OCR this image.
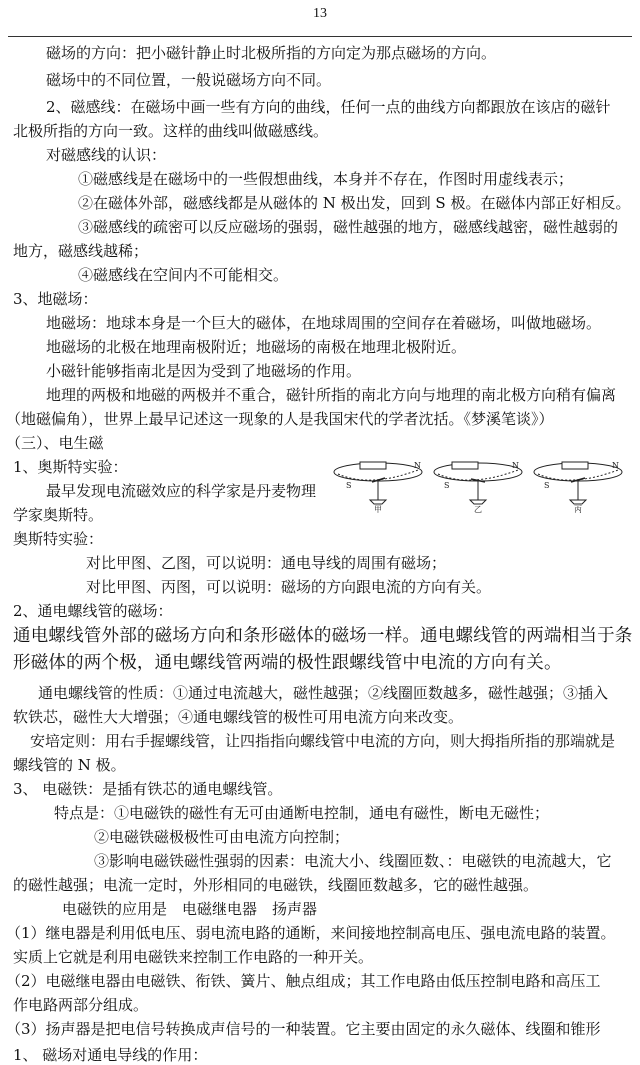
13
磁场的方向：把小磁针静止时北极所指的方向定为那点磁场的方向。
磁场中的不同位置，一般说磁场方向不同。
2、磁感线：在磁场中画一些有方向的曲线，任何一点的曲线方向都跟放在该店的磁针
北极所指的方向一致。这样的曲线叫做磁感线。
对磁感线的认识：
①磁感线是在磁场中的一些假想曲线，本身并不存在，作图时用虚线表示；
②在磁体外部，磁感线都是从磁体的 N 极出发，回到 S 极。在磁体内部正好相反。
③磁感线的疏密可以反应磁场的强弱，磁性越强的地方，磁感线越密，磁性越弱的
地方，磁感线越稀；
④磁感线在空间内不可能相交。
3、地磁场：
地磁场：地球本身是一个巨大的磁体，在地球周围的空间存在着磁场，叫做地磁场。
地磁场的北极在地理南极附近；地磁场的南极在地理北极附近。
小磁针能够指南北是因为受到了地磁场的作用。
地理的两极和地磁的两极并不重合，磁针所指的南北方向与地理的南北极方向稍有偏离
（地磁偏角），世界上最早记述这一现象的人是我国宋代的学者沈括。《梦溪笔谈》）
（三）、电生磁
1、奥斯特实验：
最早发现电流磁效应的科学家是丹麦物理
学家奥斯特。
奥斯特实验：
对比甲图、乙图，可以说明：通电导线的周围有磁场；
对比甲图、丙图，可以说明：磁场的方向跟电流的方向有关。
2、通电螺线管的磁场：
通电螺线管外部的磁场方向和条形磁体的磁场一样。通电螺线管的两端相当于条
形磁体的两个极，通电螺线管两端的极性跟螺线管中电流的方向有关。
通电螺线管的性质：①通过电流越大，磁性越强；②线圈匝数越多，磁性越强；③插入
软铁芯，磁性大大增强；④通电螺线管的极性可用电流方向来改变。
安培定则：用右手握螺线管，让四指指向螺线管中电流的方向，则大拇指所指的那端就是
螺线管的 N 极。
3、 电磁铁：是插有铁芯的通电螺线管。
特点是：①电磁铁的磁性有无可由通断电控制，通电有磁性，断电无磁性；
②电磁铁磁极极性可由电流方向控制；
③影响电磁铁磁性强弱的因素：电流大小、线圈匝数、：电磁铁的电流越大，它
的磁性越强；电流一定时，外形相同的电磁铁，线圈匝数越多，它的磁性越强。
电磁铁的应用是　电磁继电器　扬声器
（1）继电器是利用低电压、弱电流电路的通断，来间接地控制高电压、强电流电路的装置。
实质上它就是利用电磁铁来控制工作电路的一种开关。
（2）电磁继电器由电磁铁、衔铁、簧片、触点组成；其工作电路由低压控制电路和高压工
作电路两部分组成。
（3）扬声器是把电信号转换成声信号的一种装置。它主要由固定的永久磁体、线圈和锥形
1、 磁场对通电导线的作用：
S
N
甲
S
N
乙
S
N
丙
